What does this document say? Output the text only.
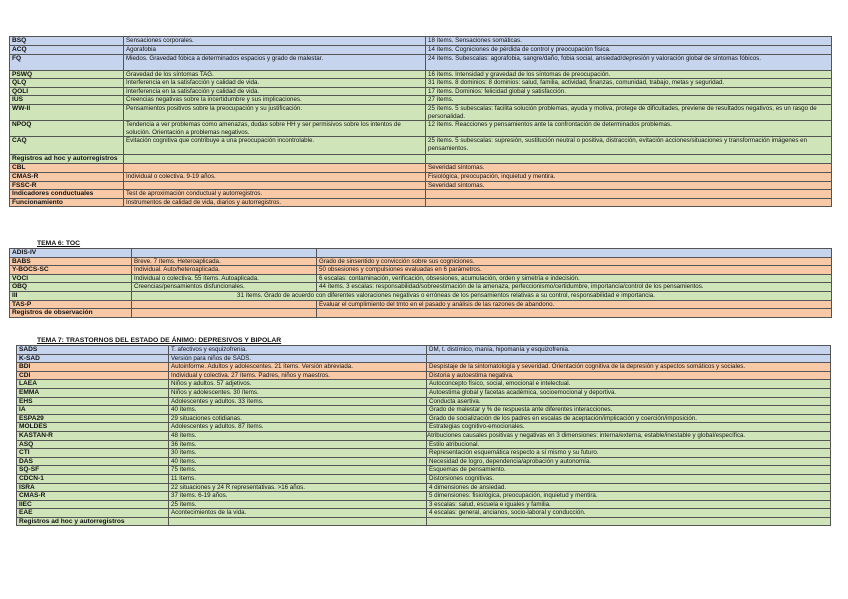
BSQ	Sensaciones corporales.	18 ítems. Sensaciones somáticas.
ACQ	Agorafobia	14 ítems. Cogniciones de pérdida de control y preocupación física.
FQ	Miedos. Gravedad fóbica a determinados espacios y grado de malestar.	24 ítems. Subescalas: agorafobia, sangre/daño, fobia social, ansiedad/depresión y valoración global de síntomas fóbicos.
PSWQ	Gravedad de los síntomas TAG.	16 ítems. Intensidad y gravedad de los síntomas de preocupación.
QLQ	Interferencia en la satisfacción y calidad de vida.	31 ítems. 8 dominios: 8 dominios: salud, familia, actividad, finanzas, comunidad, trabajo, metas y seguridad.
QOLI	Interferencia en la satisfacción y calidad de vida.	17 ítems. Dominios: felicidad global y satisfacción.
IUS	Creencias negativas sobre la incertidumbre y sus implicaciones.	27 ítems.
WW-II	Pensamientos positivos sobre la preocupación y su justificación.	25 ítems. 5 subescalas: facilita solución problemas, ayuda y motiva, protege de dificultades, previene de resultados negativos, es un rasgo de personalidad.
NPOQ	Tendencia a ver problemas como amenazas, dudas sobre HH y ser permisivos sobre los intentos de solución. Orientación a problemas negativos.	12 ítems. Reacciones y pensamientos ante la confrontación de determinados problemas.
CAQ	Evitación cognitiva que contribuye a una preocupación incontrolable.	25 ítems. 5 subescalas: supresión, sustitución neutral o positiva, distracción, evitación acciones/situaciones y transformación imágenes en pensamientos.
Registros ad hoc y autorregistros		
CBL		Severidad síntomas.
CMAS-R	Individual o colectiva. 9-19 años.	Fisiológica, preocupación, inquietud y mentira.
FSSC-R		Severidad síntomas.
Indicadores conductuales	Test de aproximación conductual y autorregistros.	
Funcionamiento	Instrumentos de calidad de vida, diarios y autorregistros.	
TEMA 6: TOC
ADIS-IV		
BABS	Breve. 7 ítems. Heteroaplicada.	Grado de sinsentido y convicción sobre sus cogniciones.
Y-BOCS-SC	Individual. Auto/heteroaplicada.	50 obsesiones y compulsiones evaluadas en 6 parámetros.
VOCI	Individual o colectiva. 55 ítems. Autoaplicada.	6 escalas: contaminación, verificación, obsesiones, acumulación, orden y simetría e indecisión.
OBQ	Creencias/pensamientos disfuncionales.	44 ítems. 3 escalas: responsabilidad/sobreestimación de la amenaza, perfeccionismo/certidumbre, importancia/control de los pensamientos.
III	31 ítems. Grado de acuerdo con diferentes valoraciones negativas o erróneas de los pensamientos relativas a su control, responsabilidad e importancia.	
TAS-P		Evaluar el cumplimiento del tmto en el pasado y análisis de las razones de abandono.
Registros de observación		
TEMA 7: TRASTORNOS DEL ESTADO DE ÁNIMO: DEPRESIVOS Y BIPOLAR
SADS	T. afectivos y esquizofrenia.	DM, t. distímico, manía, hipomanía y esquizofrenia.
K-SAD	Versión para niños de SADS.	
BDI	Autoinforme. Adultos y adolescentes. 21 ítems. Versión abreviada.	Despistaje de la sintomatología y severidad. Orientación cognitiva de la depresión y aspectos somáticos y sociales.
CDI	Individual y colectiva. 27 ítems. Padres, niños y maestros.	Distoria y autoestima negativa.
LAEA	Niños y adultos. 57 adjetivos.	Autoconcepto físico, social, emocional e intelectual.
EMMA	Niños y adolescentes. 30 ítems.	Autoestima global y facetas académica, socioemocional y deportiva.
EHS	Adolescentes y adultos. 33 ítems.	Conducta asertiva.
IA	40 ítems.	Grado de malestar y % de respuesta ante diferentes interacciones.
ESPA29	29 situaciones cotidianas.	Grado de socialización de los padres en escalas de aceptación/implicación y coerción/imposición.
MOLDES	Adolescentes y adultos. 87 ítems.	Estrategias cognitivo-emocionales.
KASTAN-R	48 ítems.	Atribuciones causales positivas y negativas en 3 dimensiones: interna/externa, estable/inestable y global/específica.
ASQ	36 ítems.	Estilo atribucional.
CTI	30 ítems.	Representación esquemática respecto a sí mismo y su futuro.
DAS	40 ítems.	Necesidad de logro, dependencia/aprobación y autonomía.
SQ-SF	75 ítems.	Esquemas de pensamiento.
CDCN-1	11 ítems.	Distorsiones cognitivas.
ISRA	22 situaciones y 24 R representativas. >16 años.	4 dimensiones de ansiedad.
CMAS-R	37 ítems. 6-19 años.	5 dimensiones: fisiológica, preocupación, inquietud y mentira.
IIEC	25 ítems.	3 escalas: salud, escuela e iguales y familia.
EAE	Acontecimientos de la vida.	4 escalas: general, ancianos, socio-laboral y conducción.
Registros ad hoc y autorregistros		
